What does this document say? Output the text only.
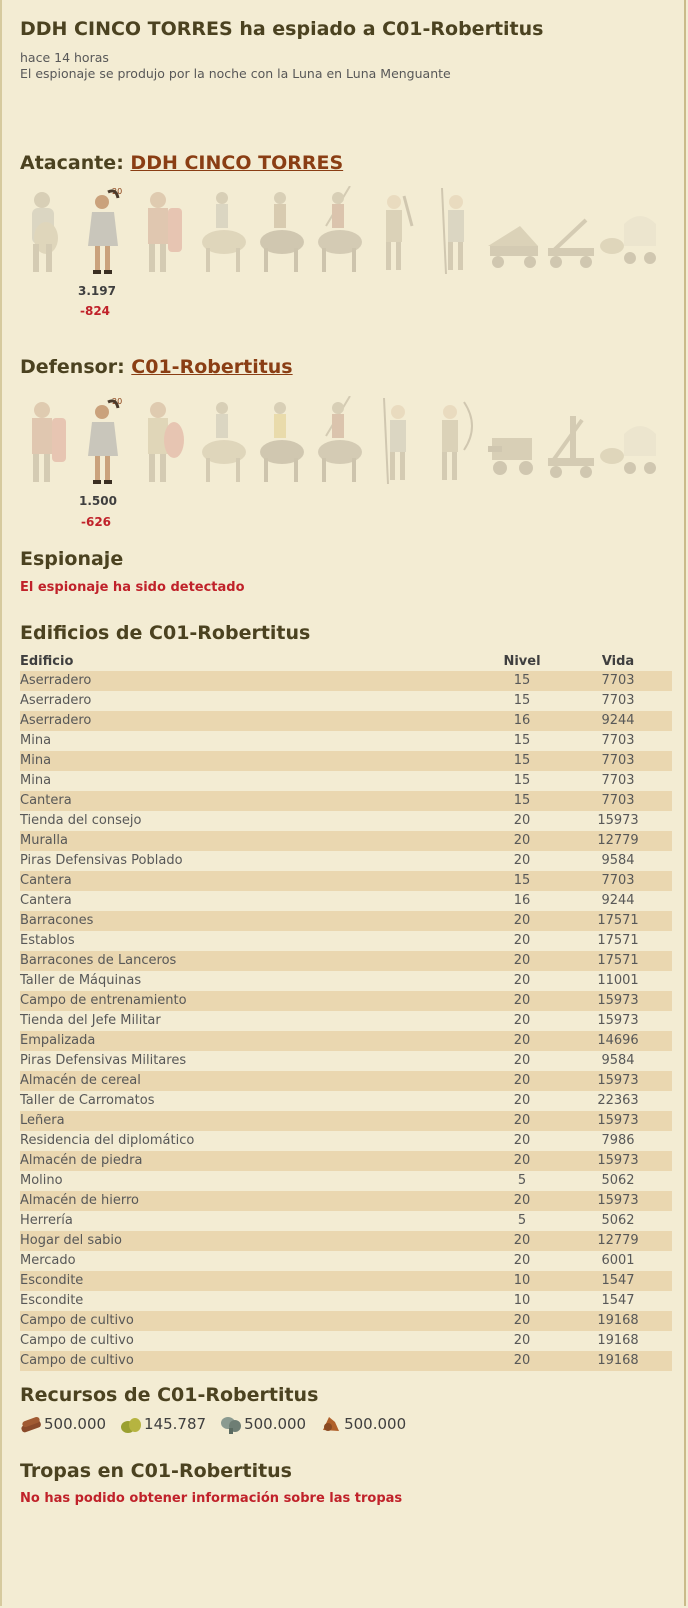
DDH CINCO TORRES ha espiado a C01-Robertitus
hace 14 horas
El espionaje se produjo por la noche con la Luna en Luna Menguante
Atacante: DDH CINCO TORRES
20
3.197
-824
Defensor: C01-Robertitus
20
1.500
-626
Espionaje
El espionaje ha sido detectado
Edificios de C01-Robertitus
Edificio	Nivel	Vida
Aserradero	15	7703
Aserradero	15	7703
Aserradero	16	9244
Mina	15	7703
Mina	15	7703
Mina	15	7703
Cantera	15	7703
Tienda del consejo	20	15973
Muralla	20	12779
Piras Defensivas Poblado	20	9584
Cantera	15	7703
Cantera	16	9244
Barracones	20	17571
Establos	20	17571
Barracones de Lanceros	20	17571
Taller de Máquinas	20	11001
Campo de entrenamiento	20	15973
Tienda del Jefe Militar	20	15973
Empalizada	20	14696
Piras Defensivas Militares	20	9584
Almacén de cereal	20	15973
Taller de Carromatos	20	22363
Leñera	20	15973
Residencia del diplomático	20	7986
Almacén de piedra	20	15973
Molino	5	5062
Almacén de hierro	20	15973
Herrería	5	5062
Hogar del sabio	20	12779
Mercado	20	6001
Escondite	10	1547
Escondite	10	1547
Campo de cultivo	20	19168
Campo de cultivo	20	19168
Campo de cultivo	20	19168
Recursos de C01-Robertitus
500.000	145.787	500.000	500.000
Tropas en C01-Robertitus
No has podido obtener información sobre las tropas
